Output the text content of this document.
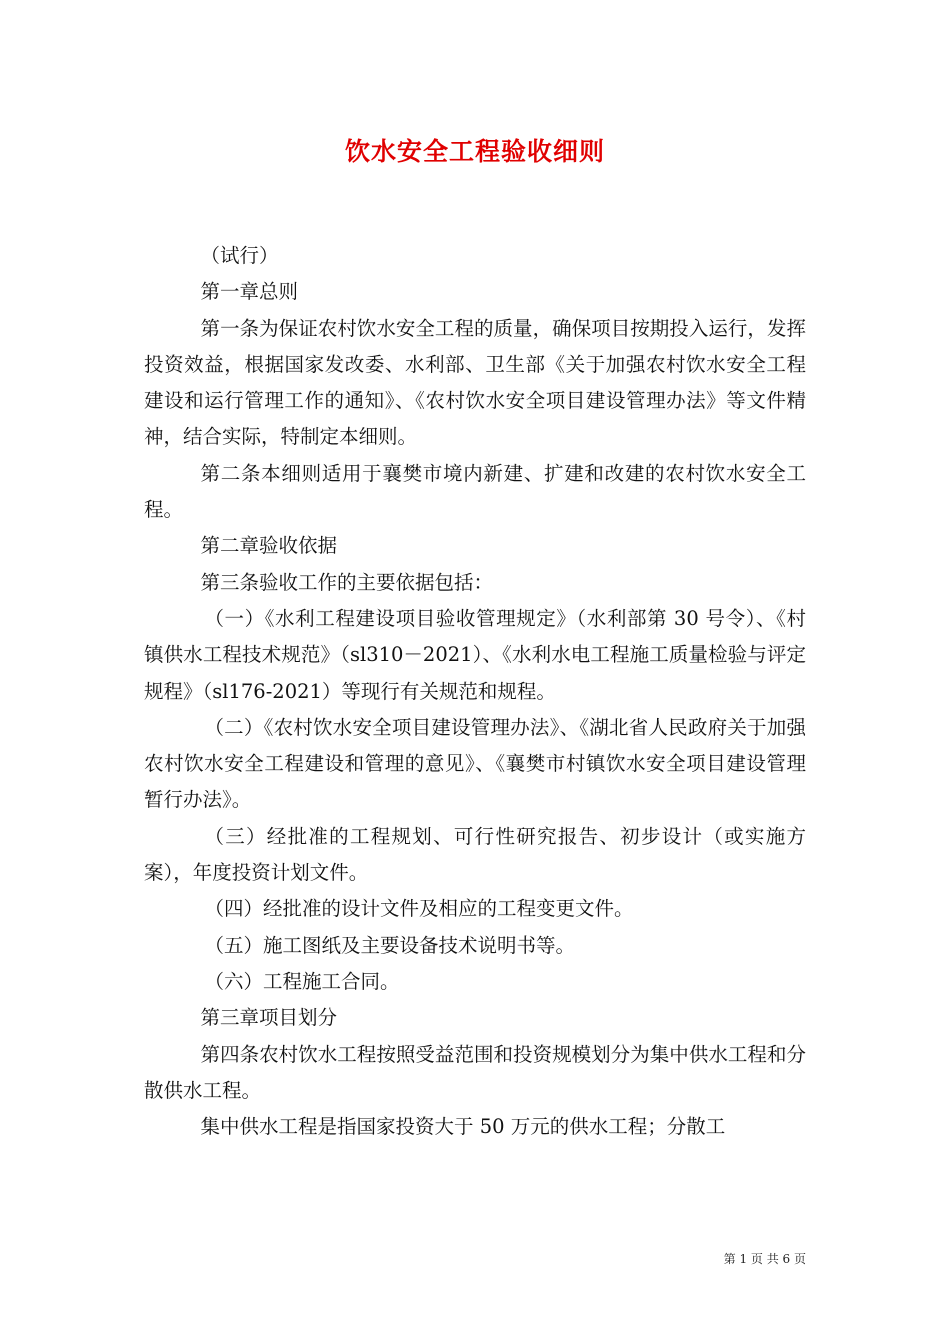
饮水安全工程验收细则

（试行）

第一章总则

第一条为保证农村饮水安全工程的质量，确保项目按期投入运行，发挥投资效益，根据国家发改委、水利部、卫生部《关于加强农村饮水安全工程建设和运行管理工作的通知》、《农村饮水安全项目建设管理办法》等文件精神，结合实际，特制定本细则。

第二条本细则适用于襄樊市境内新建、扩建和改建的农村饮水安全工程。

第二章验收依据

第三条验收工作的主要依据包括：

（一）《水利工程建设项目验收管理规定》（水利部第 30 号令）、《村镇供水工程技术规范》（sl310－2021）、《水利水电工程施工质量检验与评定规程》（sl176-2021）等现行有关规范和规程。

（二）《农村饮水安全项目建设管理办法》、《湖北省人民政府关于加强农村饮水安全工程建设和管理的意见》、《襄樊市村镇饮水安全项目建设管理暂行办法》。

（三）经批准的工程规划、可行性研究报告、初步设计（或实施方案），年度投资计划文件。

（四）经批准的设计文件及相应的工程变更文件。

（五）施工图纸及主要设备技术说明书等。

（六）工程施工合同。

第三章项目划分

第四条农村饮水工程按照受益范围和投资规模划分为集中供水工程和分散供水工程。

集中供水工程是指国家投资大于 50 万元的供水工程；分散工

第 1 页 共 6 页
